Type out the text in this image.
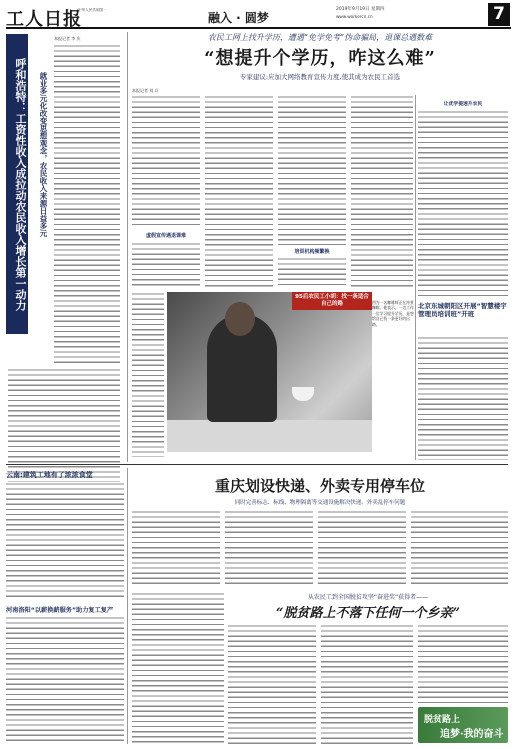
工人日报
中华人民共和国 ·
融入 · 圆梦
2019年9月19日 星期四
www.workercn.cn	7
本报记者 李 庆
呼和浩特：工资性收入成拉动农民收入增长第一动力	就业多元化改变思想观念，农民收入来源日益多元
农民工网上找升学历，遭遇“免学免考”伪命骗局，退课总遇数难
“想提升个学历，咋这么难”
专家建议:应加大网络教育宣传力度,使其成为农民工首选
本报记者 刘 兵
虚假宣传遇退课难
培训机构频繁换
95后农民工小胡：找一条适合自己的路	图为一名咖啡师正在冲煮咖啡。他表示，一边工作一边学习提升学历，是想给自己找一条更好的出路。
让优学提速升农民
北京东城朝阳区开展“智慧楼宇管理员培训班”开班
云南:建筑工地有了浓浓食堂
河南洛阳“以薪换薪服务”助力复工复产
重庆划设快递、外卖专用停车位
同时完善标志、标线、物理隔离等交通设施解决快递、外卖乱停车问题
从农民工到全国脱贫攻坚“奋进奖”获得者——
“脱贫路上不落下任何一个乡亲”
脱贫路上
追梦·我的奋斗
